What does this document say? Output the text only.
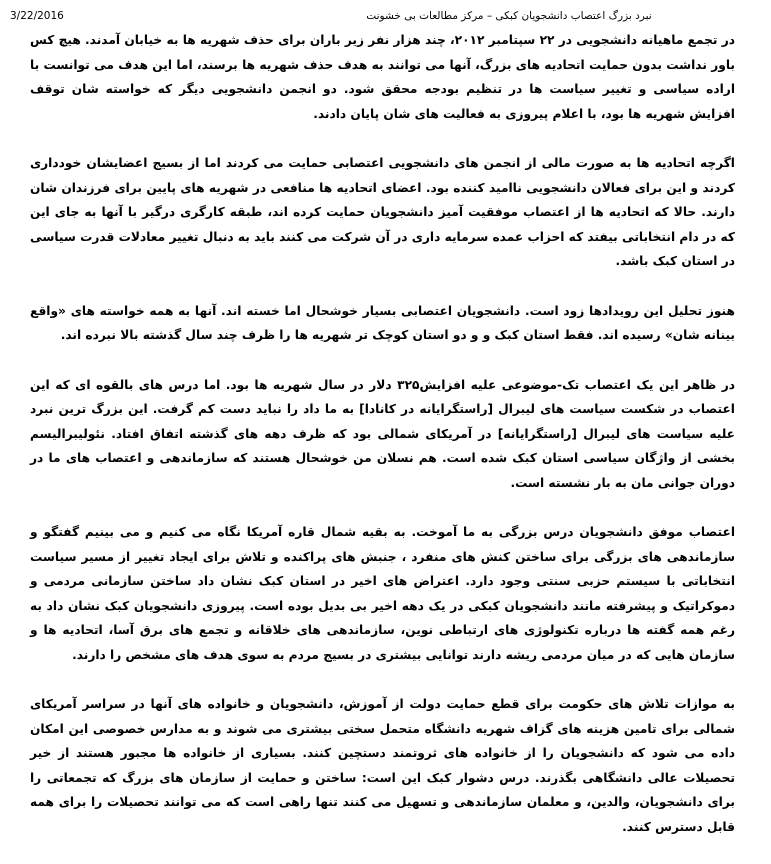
3/22/2016	نبرد بزرگ اعتصاب دانشجویان کبکی – مرکز مطالعات بی خشونت

در تجمع ماهیانه دانشجویی در ۲۲ سپتامبر ۲۰۱۲، چند هزار نفر زیر باران برای حذف شهریه ها به خیابان آمدند. هیچ کس باور نداشت بدون حمایت اتحادیه های بزرگ، آنها می توانند به هدف حذف شهریه ها برسند، اما این هدف می توانست با اراده سیاسی و تغییر سیاست ها در تنظیم بودجه محقق شود. دو انجمن دانشجویی دیگر که خواسته شان توقف افزایش شهریه ها بود، با اعلام پیروزی به فعالیت های شان پایان دادند.

اگرچه اتحادیه ها به صورت مالی از انجمن های دانشجویی اعتصابی حمایت می کردند اما از بسیج اعضایشان خودداری کردند و این برای فعالان دانشجویی ناامید کننده بود. اعضای اتحادیه ها منافعی در شهریه های پایین برای فرزندان شان دارند. حالا که اتحادیه ها از اعتصاب موفقیت آمیز دانشجویان حمایت کرده اند، طبقه کارگری درگیر با آنها به جای این که در دام انتخاباتی بیفتد که احزاب عمده سرمایه داری در آن شرکت می کنند باید به دنبال تغییر معادلات قدرت سیاسی در استان کبک باشد.

هنوز تحلیل این رویدادها زود است. دانشجویان اعتصابی بسیار خوشحال اما خسته اند. آنها به همه خواسته های «واقع بینانه شان» رسیده اند. فقط استان کبک و و دو استان کوچک تر شهریه ها را ظرف چند سال گذشته بالا نبرده اند.

در ظاهر این یک اعتصاب تک-موضوعی علیه افزایش۳۲۵ دلار در سال شهریه ها بود. اما درس های بالقوه ای که این اعتصاب در شکست سیاست های لیبرال [راستگرایانه در کانادا] به ما داد را نباید دست کم گرفت. این بزرگ ترین نبرد علیه سیاست های لیبرال [راستگرایانه] در آمریکای شمالی بود که ظرف دهه های گذشته اتفاق افتاد. نئولیبرالیسم بخشی از واژگان سیاسی استان کبک شده است. هم نسلان من خوشحال هستند که سازماندهی و اعتصاب های ما در دوران جوانی مان به بار نشسته است.

اعتصاب موفق دانشجویان درس بزرگی به ما آموخت. به بقیه شمال قاره آمریکا نگاه می کنیم و می بینیم گفتگو و سازماندهی های بزرگی برای ساختن کنش های منفرد ، جنبش های پراکنده و تلاش برای ایجاد تغییر از مسیر سیاست انتخاباتی با سیستم حزبی سنتی وجود دارد. اعتراض های اخیر در استان کبک نشان داد ساختن سازمانی مردمی و دموکراتیک و پیشرفته مانند دانشجویان کبکی در یک دهه اخیر بی بدیل بوده است. پیروزی دانشجویان کبک نشان داد به رغم همه گفته ها درباره تکنولوژی های ارتباطی نوین، سازماندهی های خلاقانه و تجمع های برق آسا، اتحادیه ها و سازمان هایی که در میان مردمی ریشه دارند توانایی بیشتری در بسیج مردم به سوی هدف های مشخص را دارند.

به موازات تلاش های حکومت برای قطع حمایت دولت از آموزش، دانشجویان و خانواده های آنها در سراسر آمریکای شمالی برای تامین هزینه های گزاف شهریه دانشگاه متحمل سختی بیشتری می شوند و به مدارس خصوصی این امکان داده می شود که دانشجویان را از خانواده های ثروتمند دستچین کنند. بسیاری از خانواده ها مجبور هستند از خیر تحصیلات عالی دانشگاهی بگذرند. درس دشوار کبک این است: ساختن و حمایت از سازمان های بزرگ که تجمعاتی را برای دانشجویان، والدین، و معلمان سازماندهی و تسهیل می کنند تنها راهی است که می توانند تحصیلات را برای همه قابل دسترس کنند.
